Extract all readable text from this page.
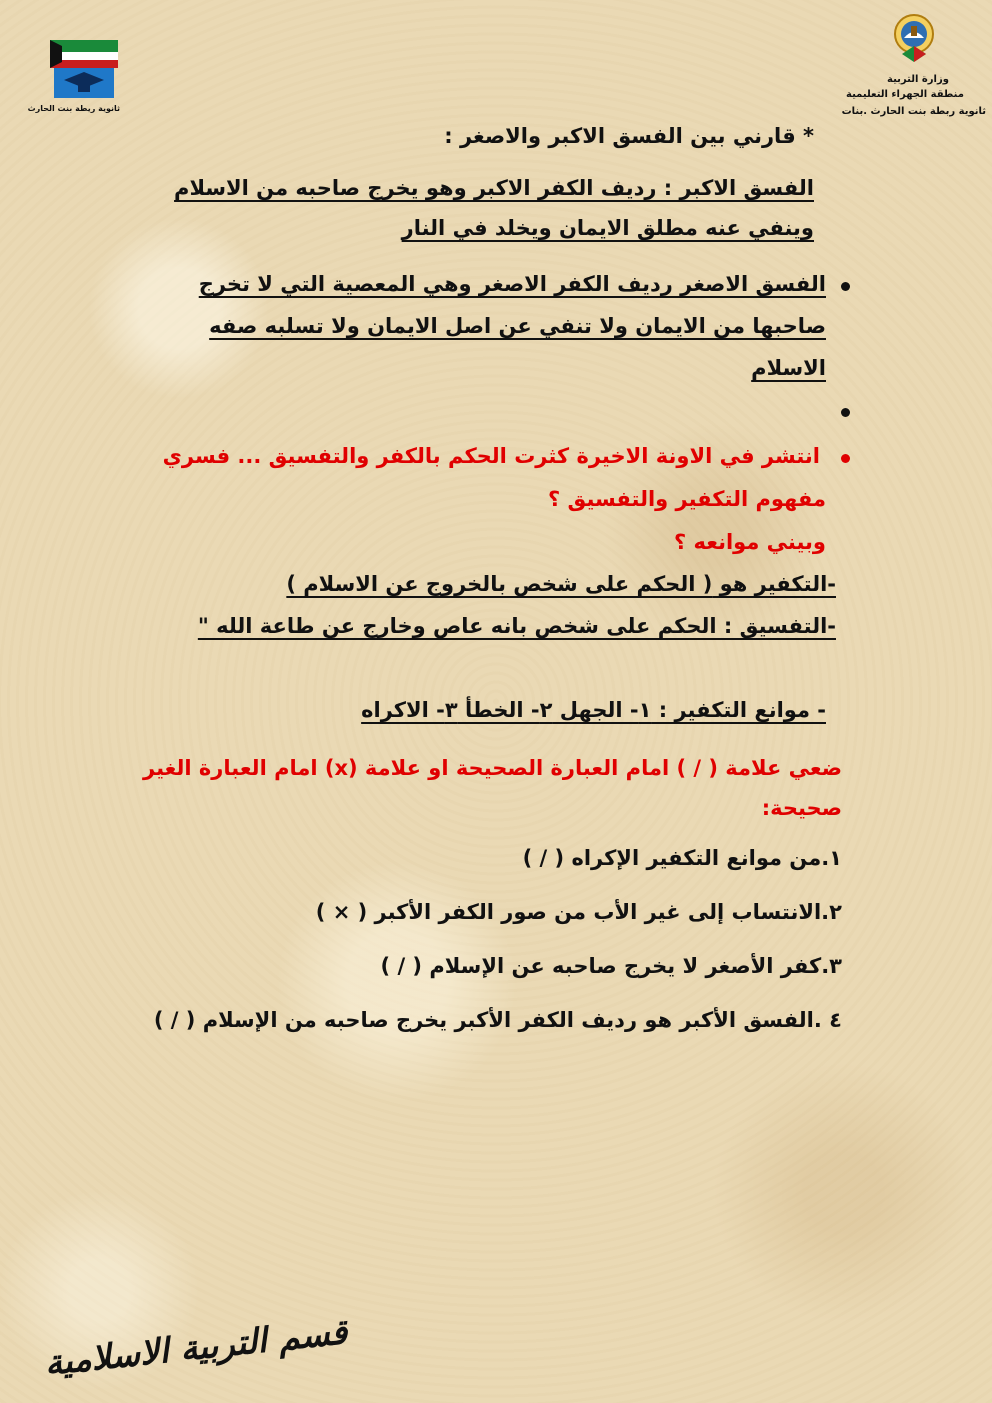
وزارة التربية
منطقة الجهراء التعليمية
ثانوية ربطة بنت الحارث .بنات
ثانوية ريطة بنت الحارث
* قارني بين الفسق الاكبر والاصغر :
الفسق الاكبر : رديف الكفر الاكبر وهو يخرج صاحبه من الاسلام
وينفي عنه مطلق الايمان ويخلد في النار
الفسق الاصغر رديف الكفر الاصغر وهي المعصية التي لا تخرج
صاحبها من الايمان ولا تنفي عن اصل الايمان ولا تسلبه صفه
الاسلام
انتشر في الاونة الاخيرة كثرت الحكم بالكفر والتفسيق ... فسري
مفهوم التكفير والتفسيق ؟
وبيني موانعه ؟
-التكفير هو ( الحكم على شخص بالخروج عن الاسلام )
-التفسيق : الحكم على شخص بانه عاص وخارج عن طاعة الله "
- موانع التكفير : ١- الجهل ٢- الخطأ ٣- الاكراه
ضعي علامة ( / ) امام العبارة الصحيحة او علامة (x) امام العبارة الغير
صحيحة:
١.من موانع التكفير الإكراه ( / )
٢.الانتساب إلى غير الأب من صور الكفر الأكبر ( × )
٣.كفر الأصغر لا يخرج صاحبه عن الإسلام ( / )
٤ .الفسق الأكبر هو رديف الكفر الأكبر يخرج صاحبه من الإسلام ( / )
قسم التربية الاسلامية
